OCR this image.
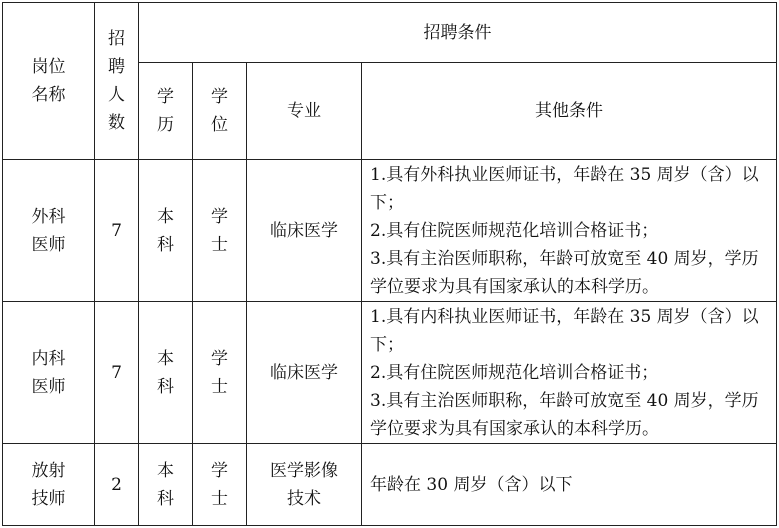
岗位名称	招聘人数	招聘条件			

		学历	学位	专业	其他条件

外科医师	7	本科	学士	临床医学	1.具有外科执业医师证书，年龄在 35 周岁（含）以下；

2.具有住院医师规范化培训合格证书；

3.具有主治医师职称，年龄可放宽至 40 周岁，学历学位要求为具有国家承认的本科学历。

内科医师	7	本科	学士	临床医学	1.具有内科执业医师证书，年龄在 35 周岁（含）以下；

2.具有住院医师规范化培训合格证书；

3.具有主治医师职称，年龄可放宽至 40 周岁，学历学位要求为具有国家承认的本科学历。

放射技师	2	本科	学士	医学影像技术	年龄在 30 周岁（含）以下
